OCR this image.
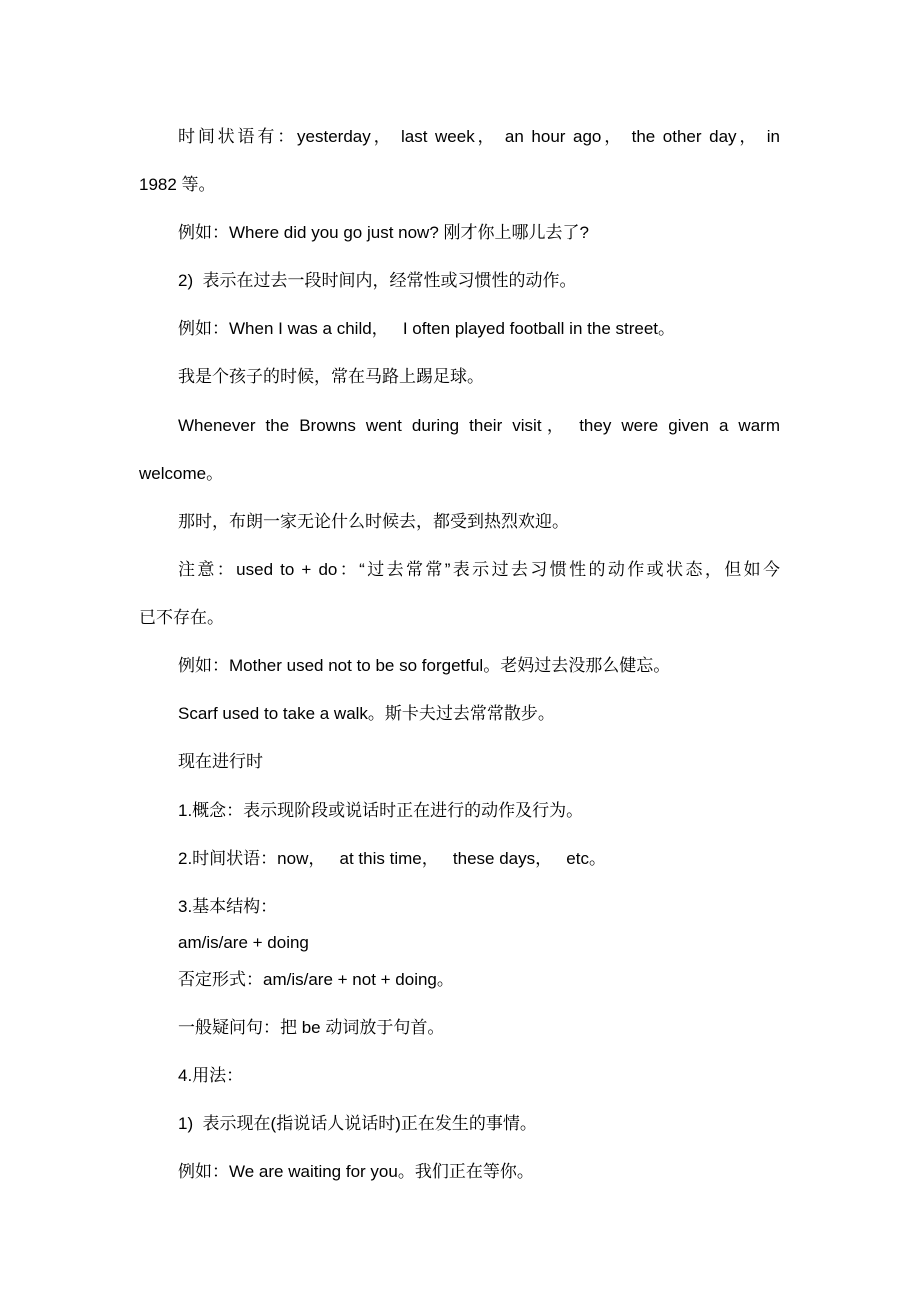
时间状语有：yesterday， last week， an hour ago， the other day， in
1982 等。
例如：Where did you go just now? 刚才你上哪儿去了?
2)  表示在过去一段时间内，经常性或习惯性的动作。
例如：When I was a child，   I often played football in the street。
我是个孩子的时候，常在马路上踢足球。
Whenever the Browns went during their visit， they were given a warm
welcome。
那时，布朗一家无论什么时候去，都受到热烈欢迎。
注意：used to + do：“过去常常”表示过去习惯性的动作或状态，但如今
已不存在。
例如：Mother used not to be so forgetful。老妈过去没那么健忘。
Scarf used to take a walk。斯卡夫过去常常散步。
现在进行时
1.概念：表示现阶段或说话时正在进行的动作及行为。
2.时间状语：now，   at this time，   these days，   etc。
3.基本结构：
am/is/are + doing
否定形式：am/is/are + not + doing。
一般疑问句：把 be 动词放于句首。
4.用法：
1)  表示现在(指说话人说话时)正在发生的事情。
例如：We are waiting for you。我们正在等你。
